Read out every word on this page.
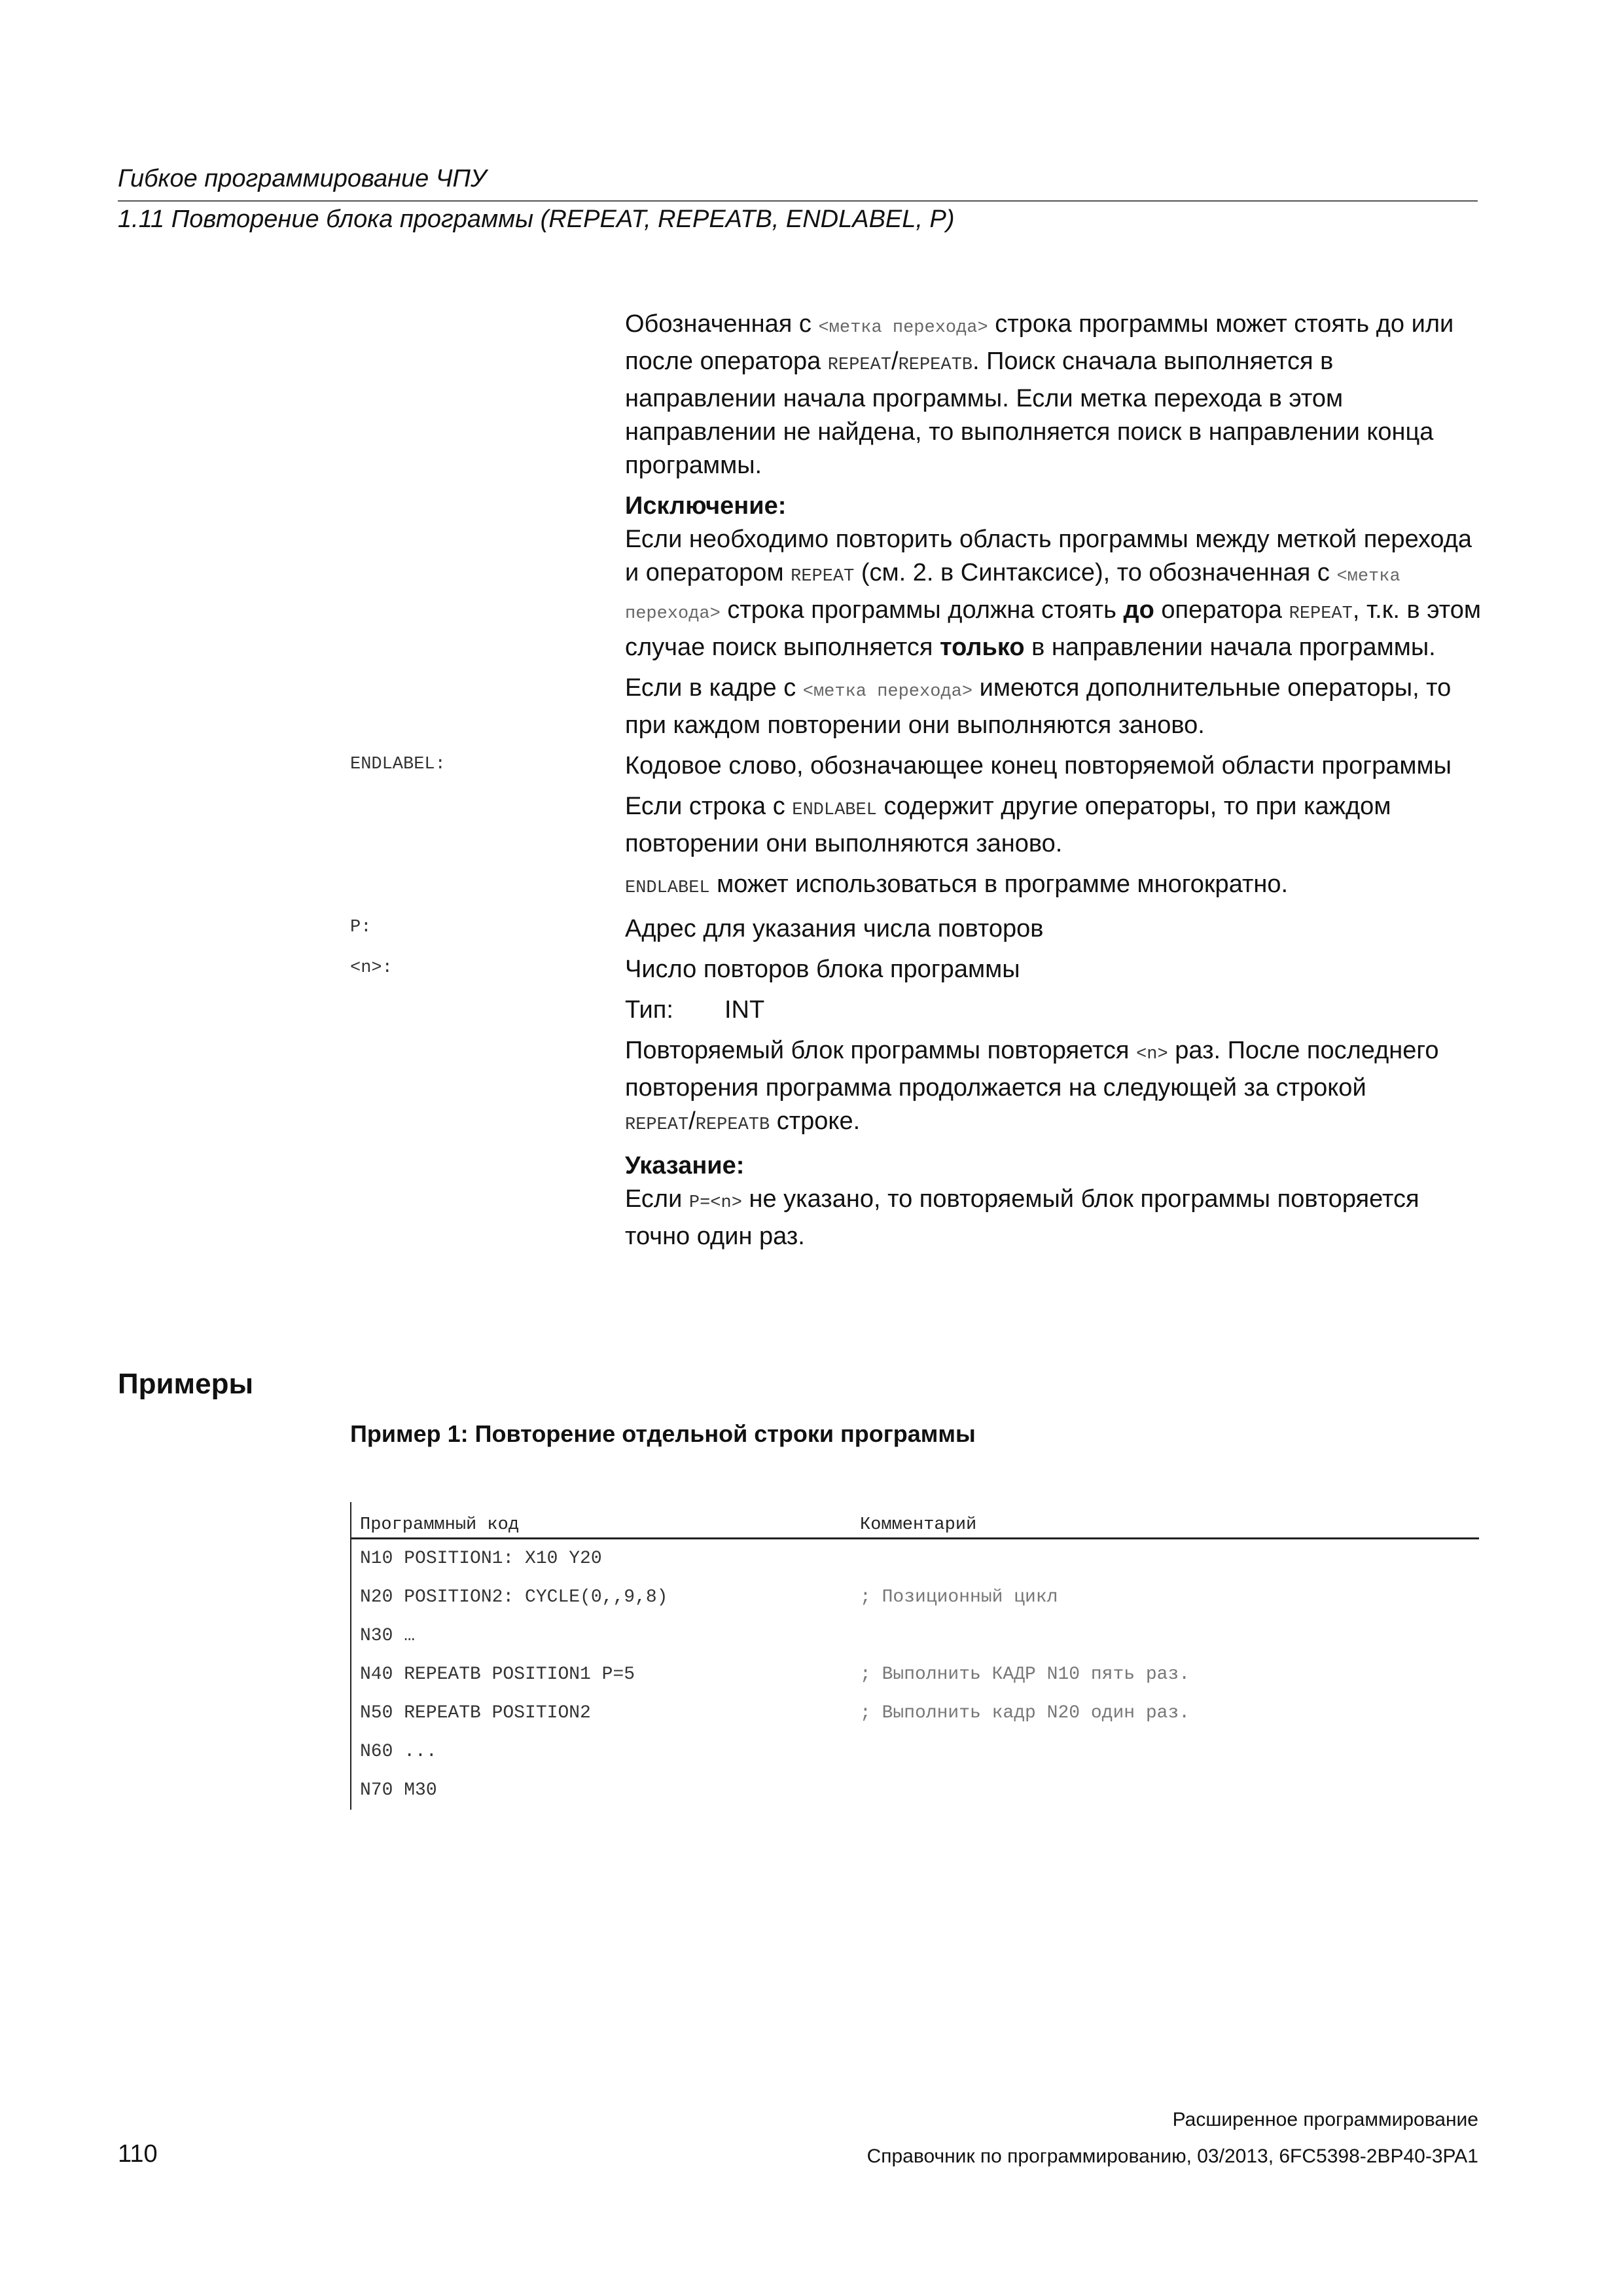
Гибкое программирование ЧПУ
1.11 Повторение блока программы (REPEAT, REPEATB, ENDLABEL, P)

Обозначенная с <метка перехода> строка программы может стоять до или после оператора REPEAT/REPEATB. Поиск сначала выполняется в направлении начала программы. Если метка перехода в этом направлении не найдена, то выполняется поиск в направлении конца программы.

Исключение:

Если необходимо повторить область программы между меткой перехода и оператором REPEAT (см. 2. в Синтаксисе), то обозначенная с <метка перехода> строка программы должна стоять до оператора REPEAT, т.к. в этом случае поиск выполняется только в направлении начала программы.

Если в кадре с <метка перехода> имеются дополнительные операторы, то при каждом повторении они выполняются заново.

ENDLABEL:	Кодовое слово, обозначающее конец повторяемой области программы

Если строка с ENDLABEL содержит другие операторы, то при каждом повторении они выполняются заново.

ENDLABEL может использоваться в программе многократно.

P:	Адрес для указания числа повторов

<n>:	Число повторов блока программы

Тип: INT

Повторяемый блок программы повторяется <n> раз. После последнего повторения программа продолжается на следующей за строкой REPEAT/REPEATB строке.

Указание:

Если P=<n> не указано, то повторяемый блок программы повторяется точно один раз.

Примеры
Пример 1: Повторение отдельной строки программы
Программный код	Комментарий
N10 POSITION1: X10 Y20
N20 POSITION2: CYCLE(0,,9,8)	; Позиционный цикл
N30 …
N40 REPEATB POSITION1 P=5	; Выполнить КАДР N10 пять раз.
N50 REPEATB POSITION2	; Выполнить кадр N20 один раз.
N60 ...
N70 M30
Расширенное программирование
110	Справочник по программированию, 03/2013, 6FC5398-2BP40-3PA1
